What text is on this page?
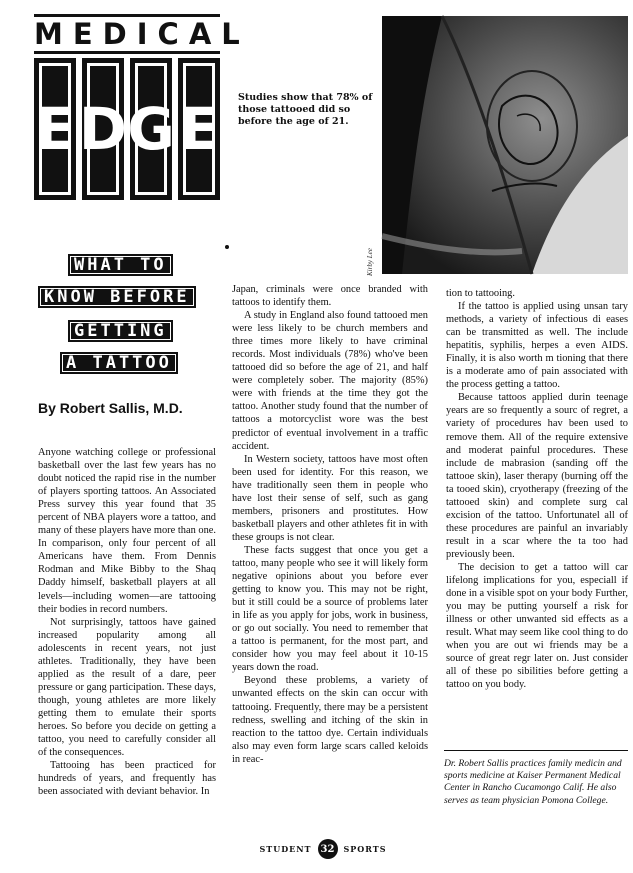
MEDICAL
E D G E
Kirby Lee
Studies show that 78% of those tattooed did so before the age of 21.
WHAT TO
KNOW BEFORE
GETTING
A TATTOO
By Robert Sallis, M.D.

Anyone watching college or professional basketball over the last few years has no doubt noticed the rapid rise in the number of players sporting tattoos. An Associated Press survey this year found that 35 percent of NBA players wore a tattoo, and many of these players have more than one. In comparison, only four percent of all Americans have them. From Dennis Rodman and Mike Bibby to the Shaq Daddy himself, basketball players at all levels—including women—are tattooing their bodies in record numbers.

Not surprisingly, tattoos have gained increased popularity among all adolescents in recent years, not just athletes. Traditionally, they have been applied as the result of a dare, peer pressure or gang participation. These days, though, young athletes are more likely getting them to emulate their sports heroes. So before you decide on getting a tattoo, you need to carefully consider all of the consequences.

Tattooing has been practiced for hundreds of years, and frequently has been associated with deviant behavior. In

Japan, criminals were once branded with tattoos to identify them.

A study in England also found tattooed men were less likely to be church members and three times more likely to have criminal records. Most individuals (78%) who've been tattooed did so before the age of 21, and half were completely sober. The majority (85%) were with friends at the time they got the tattoo. Another study found that the number of tattoos a motorcyclist wore was the best predictor of eventual involvement in a traffic accident.

In Western society, tattoos have most often been used for identity. For this reason, we have traditionally seen them in people who have lost their sense of self, such as gang members, prisoners and prostitutes. How basketball players and other athletes fit in with these groups is not clear.

These facts suggest that once you get a tattoo, many people who see it will likely form negative opinions about you before ever getting to know you. This may not be right, but it still could be a source of problems later in life as you apply for jobs, work in business, or go out socially. You need to remember that a tattoo is permanent, for the most part, and consider how you may feel about it 10-15 years down the road.

Beyond these problems, a variety of unwanted effects on the skin can occur with tattooing. Frequently, there may be a persistent redness, swelling and itching of the skin in reaction to the tattoo dye. Certain individuals also may even form large scars called keloids in reac-

tion to tattooing.

If the tattoo is applied using unsan tary methods, a variety of infectious di eases can be transmitted as well. The include hepatitis, syphilis, herpes a even AIDS. Finally, it is also worth m tioning that there is a moderate amo of pain associated with the process getting a tattoo.

Because tattoos applied durin teenage years are so frequently a sourc of regret, a variety of procedures hav been used to remove them. All of the require extensive and moderat painful procedures. These include de mabrasion (sanding off the tattooe skin), laser therapy (burning off the ta tooed skin), cryotherapy (freezing of the tattooed skin) and complete surg cal excision of the tattoo. Unfortunatel all of these procedures are painful an invariably result in a scar where the ta too had previously been.

The decision to get a tattoo will car lifelong implications for you, especiall if done in a visible spot on your body Further, you may be putting yourself a risk for illness or other unwanted sid effects as a result. What may seem like cool thing to do when you are out wi friends may be a source of great regr later on. Just consider all of these po sibilities before getting a tattoo on you body.

Dr. Robert Sallis practices family medicin and sports medicine at Kaiser Permanent Medical Center in Rancho Cucamongo Calif. He also serves as team physician Pomona College.
STUDENT 32	SPORTS
